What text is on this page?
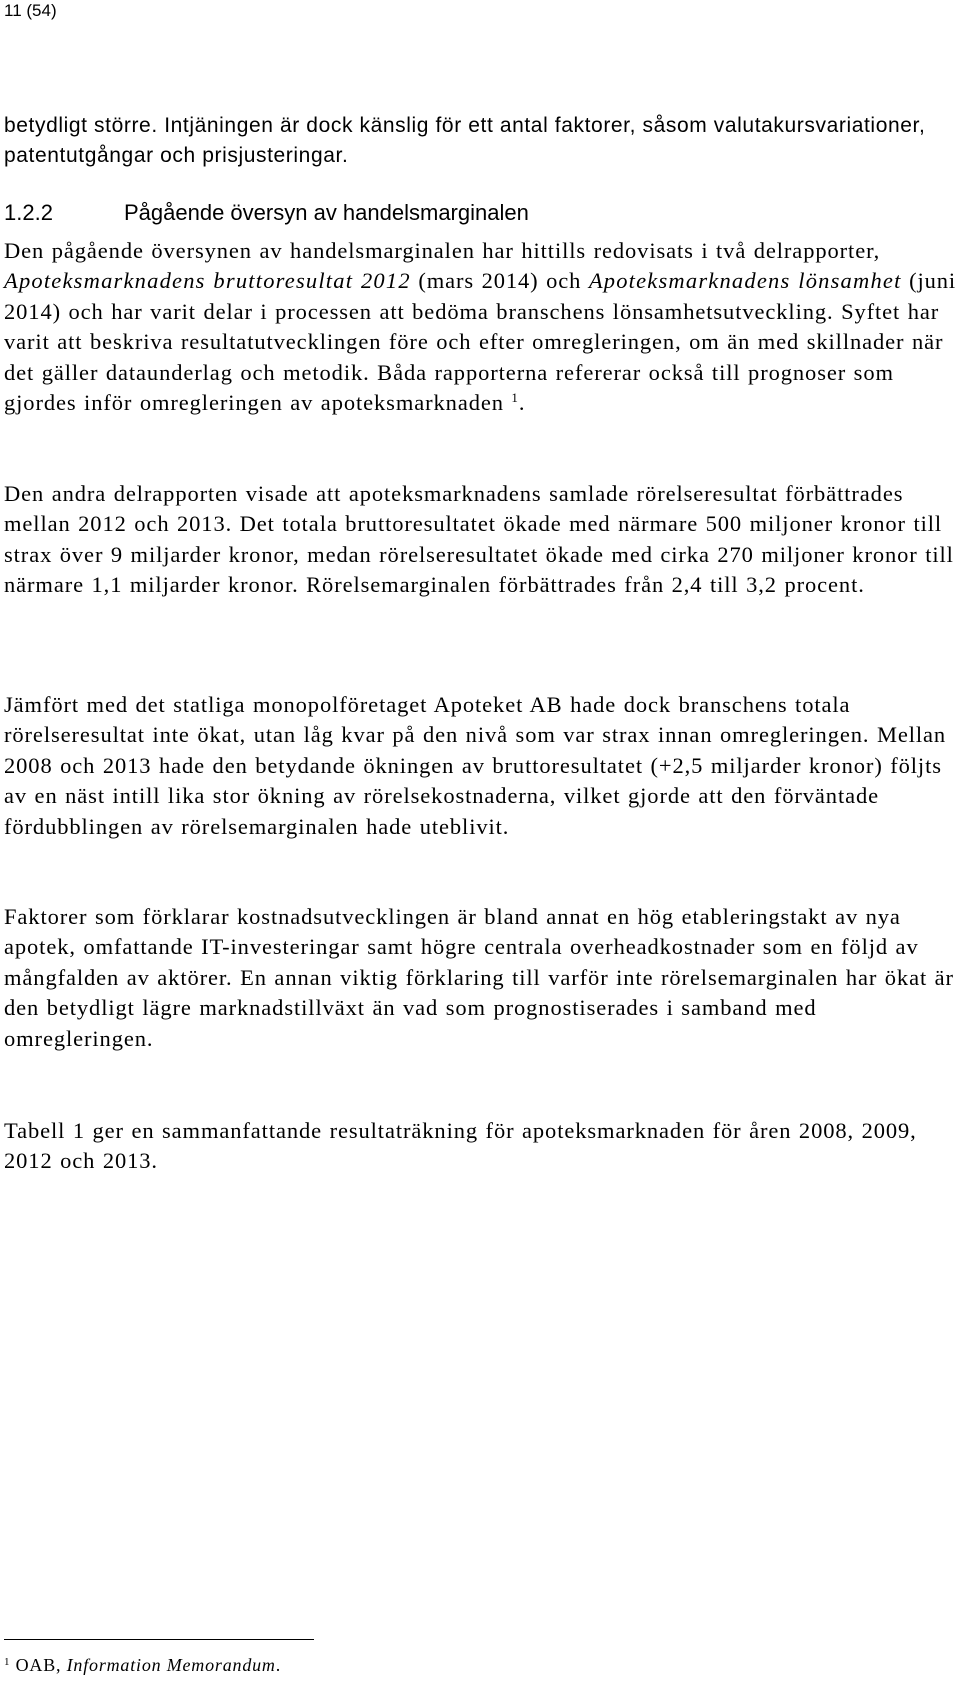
11 (54)
betydligt större. Intjäningen är dock känslig för ett antal faktorer, såsom valutakursvariationer, patentutgångar och prisjusteringar.
1.2.2	Pågående översyn av handelsmarginalen
Den pågående översynen av handelsmarginalen har hittills redovisats i två delrapporter, Apoteksmarknadens bruttoresultat 2012 (mars 2014) och Apoteksmarknadens lönsamhet (juni 2014) och har varit delar i processen att bedöma branschens lönsamhetsutveckling. Syftet har varit att beskriva resultatutvecklingen före och efter omregleringen, om än med skillnader när det gäller dataunderlag och metodik. Båda rapporterna refererar också till prognoser som gjordes inför omregleringen av apoteksmarknaden $^1$.
Den andra delrapporten visade att apoteksmarknadens samlade rörelseresultat förbättrades mellan 2012 och 2013. Det totala bruttoresultatet ökade med närmare 500 miljoner kronor till strax över 9 miljarder kronor, medan rörelseresultatet ökade med cirka 270 miljoner kronor till närmare 1,1 miljarder kronor. Rörelsemarginalen förbättrades från 2,4 till 3,2 procent.
Jämfört med det statliga monopolföretaget Apoteket AB hade dock branschens totala rörelseresultat inte ökat, utan låg kvar på den nivå som var strax innan omregleringen. Mellan 2008 och 2013 hade den betydande ökningen av bruttoresultatet (+2,5 miljarder kronor) följts av en näst intill lika stor ökning av rörelsekostnaderna, vilket gjorde att den förväntade fördubblingen av rörelsemarginalen hade uteblivit.
Faktorer som förklarar kostnadsutvecklingen är bland annat en hög etableringstakt av nya apotek, omfattande IT-investeringar samt högre centrala overheadkostnader som en följd av mångfalden av aktörer. En annan viktig förklaring till varför inte rörelsemarginalen har ökat är den betydligt lägre marknadstillväxt än vad som prognostiserades i samband med omregleringen.
Tabell 1 ger en sammanfattande resultaträkning för apoteksmarknaden för åren 2008, 2009, 2012 och 2013.
$^1$ OAB, Information Memorandum.
